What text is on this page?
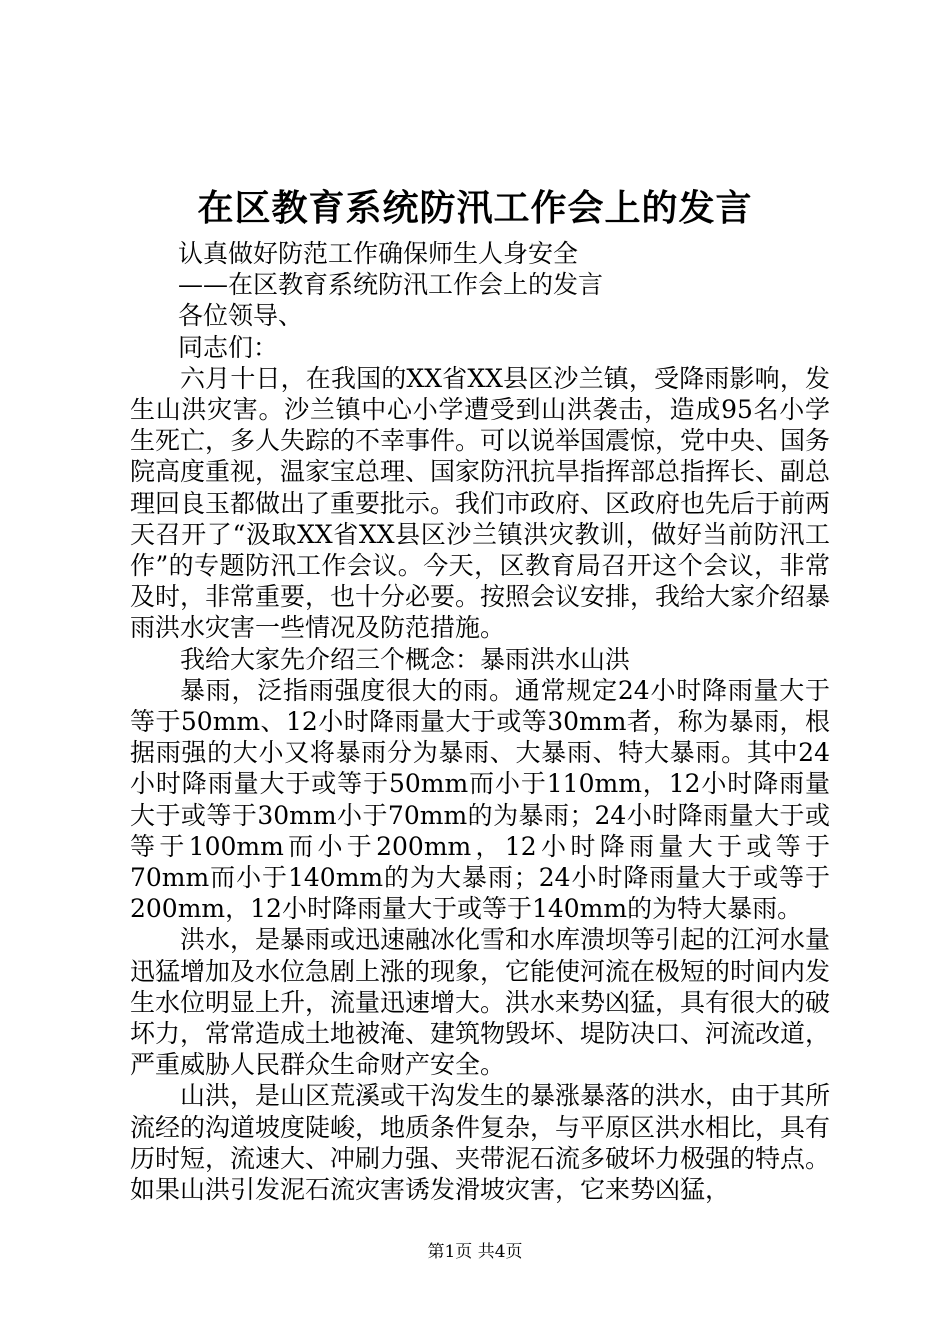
在区教育系统防汛工作会上的发言

认真做好防范工作确保师生人身安全

——在区教育系统防汛工作会上的发言

各位领导、

同志们：

六月十日，在我国的XX省XX县区沙兰镇，受降雨影响，发生山洪灾害。沙兰镇中心小学遭受到山洪袭击，造成95名小学生死亡，多人失踪的不幸事件。可以说举国震惊，党中央、国务院高度重视，温家宝总理、国家防汛抗旱指挥部总指挥长、副总理回良玉都做出了重要批示。我们市政府、区政府也先后于前两天召开了“汲取XX省XX县区沙兰镇洪灾教训，做好当前防汛工作”的专题防汛工作会议。今天，区教育局召开这个会议，非常及时，非常重要，也十分必要。按照会议安排，我给大家介绍暴雨洪水灾害一些情况及防范措施。

我给大家先介绍三个概念：暴雨洪水山洪

暴雨，泛指雨强度很大的雨。通常规定24小时降雨量大于等于50mm、12小时降雨量大于或等30mm者，称为暴雨，根据雨强的大小又将暴雨分为暴雨、大暴雨、特大暴雨。其中24小时降雨量大于或等于50mm而小于110mm，12小时降雨量大于或等于30mm小于70mm的为暴雨；24小时降雨量大于或等于100mm而小于200mm，12小时降雨量大于或等于70mm而小于140mm的为大暴雨；24小时降雨量大于或等于200mm，12小时降雨量大于或等于140mm的为特大暴雨。

洪水，是暴雨或迅速融冰化雪和水库溃坝等引起的江河水量迅猛增加及水位急剧上涨的现象，它能使河流在极短的时间内发生水位明显上升，流量迅速增大。洪水来势凶猛，具有很大的破坏力，常常造成土地被淹、建筑物毁坏、堤防决口、河流改道，严重威胁人民群众生命财产安全。

山洪，是山区荒溪或干沟发生的暴涨暴落的洪水，由于其所流经的沟道坡度陡峻，地质条件复杂，与平原区洪水相比，具有历时短，流速大、冲刷力强、夹带泥石流多破坏力极强的特点。如果山洪引发泥石流灾害诱发滑坡灾害，它来势凶猛，

第1页 共4页
